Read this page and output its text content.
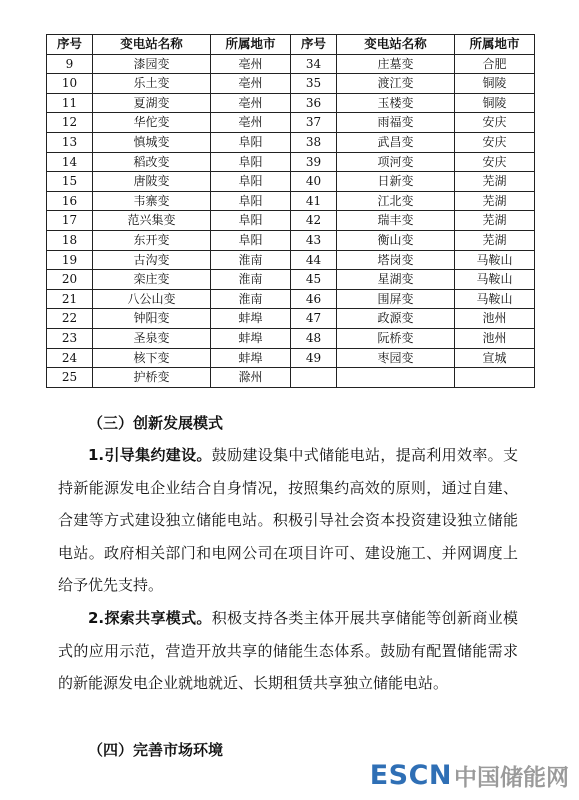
序号	变电站名称	所属地市	序号	变电站名称	所属地市
9	漆园变	亳州	34	庄墓变	合肥
10	乐土变	亳州	35	渡江变	铜陵
11	夏湖变	亳州	36	玉楼变	铜陵
12	华佗变	亳州	37	雨福变	安庆
13	慎城变	阜阳	38	武昌变	安庆
14	稻改变	阜阳	39	项河变	安庆
15	唐陂变	阜阳	40	日新变	芜湖
16	韦寨变	阜阳	41	江北变	芜湖
17	范兴集变	阜阳	42	瑞丰变	芜湖
18	东开变	阜阳	43	衡山变	芜湖
19	古沟变	淮南	44	塔岗变	马鞍山
20	栾庄变	淮南	45	星湖变	马鞍山
21	八公山变	淮南	46	围屏变	马鞍山
22	钟阳变	蚌埠	47	政源变	池州
23	圣泉变	蚌埠	48	阮桥变	池州
24	核下变	蚌埠	49	枣园变	宣城
25	护桥变	滁州			
（三）创新发展模式

1.引导集约建设。鼓励建设集中式储能电站，提高利用效率。支持新能源发电企业结合自身情况，按照集约高效的原则，通过自建、合建等方式建设独立储能电站。积极引导社会资本投资建设独立储能电站。政府相关部门和电网公司在项目许可、建设施工、并网调度上给予优先支持。

2.探索共享模式。积极支持各类主体开展共享储能等创新商业模式的应用示范，营造开放共享的储能生态体系。鼓励有配置储能需求的新能源发电企业就地就近、长期租赁共享独立储能电站。

（四）完善市场环境
ESCN 中国储能网
